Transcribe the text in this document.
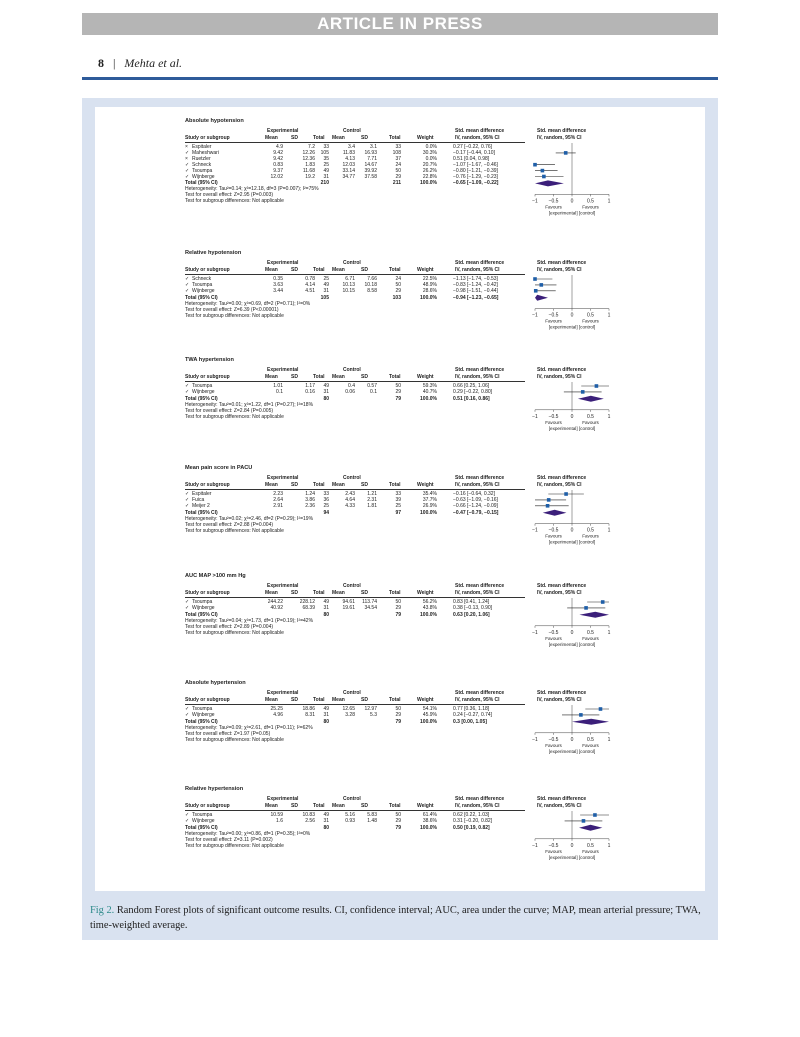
ARTICLE IN PRESS
8 | Mehta et al.
Absolute hypotension
Experimental	Control	Std. mean difference	Std. mean difference
Study or subgroup	Mean	SD	Total Mean	SD	Total	Weight	IV, random, 95% CI	IV, random, 95% CI
× Espitaler	4.9	7.2	33	3.4	3.1	33	0.0%	0.27 [−0.22, 0.76]
✓ Maheshwari	9.42	12.26	105	11.83	16.93	108	30.3%	−0.17 [−0.44, 0.10]
× Ruetzler	9.42	12.36	35	4.13	7.71	37	0.0%	0.51 [0.04, 0.98]
✓ Schneck	0.83	1.83	25	12.03	14.67	24	20.7%	−1.07 [−1.67, −0.46]
✓ Tsoumpa	9.37	11.68	49	33.14	39.92	50	26.2%	−0.80 [−1.21, −0.39]
✓ Wijnberge	12.02	19.2	31	34.77	37.58	29	22.8%	−0.76 [−1.29, −0.23]
Total (95% CI)	210	211	100.0%	−0.65 [−1.09, −0.22]
Heterogeneity: Tau²=0.14; χ²=12.18, df=3 (P=0.007); I²=75%
Test for overall effect: Z=2.95 (P=0.003)
Test for subgroup differences: Not applicable	−1 −0.5 0	0.5	1
Favours	Favours
[experimental] [control]
Relative hypotension
Experimental	Control	Std. mean difference	Std. mean difference
Study or subgroup	Mean	SD	Total Mean	SD	Total	Weight	IV, random, 95% CI	IV, random, 95% CI
✓ Schneck	0.35	0.78	25	6.71	7.66	24	22.5%	−1.13 [−1.74, −0.53]
✓ Tsoumpa	3.63	4.14	49	10.13	10.18	50	48.9%	−0.83 [−1.24, −0.42]
✓ Wijnberge	3.44	4.51	31	10.15	8.58	29	28.6%	−0.98 [−1.51, −0.44]
Total (95% CI)	105	103	100.0%	−0.94 [−1.23, −0.65]
Heterogeneity: Tau²=0.00; χ²=0.69, df=2 (P=0.71); I²=0%
Test for overall effect: Z=6.39 (P<0.00001)
Test for subgroup differences: Not applicable	−1 −0.5 0	0.5	1
Favours	Favours
[experimental] [control]
TWA hypertension
Experimental	Control	Std. mean difference	Std. mean difference
Study or subgroup	Mean	SD	Total Mean	SD	Total	Weight	IV, random, 95% CI	IV, random, 95% CI
✓ Tsoumpa	1.01	1.17	49	0.4	0.57	50	59.3%	0.66 [0.25, 1.06]
✓ Wijnberge	0.1	0.16	31	0.06	0.1	29	40.7%	0.29 [−0.22, 0.80]
Total (95% CI)	80	79	100.0%	0.51 [0.16, 0.86]
Heterogeneity: Tau²=0.01; χ²=1.22, df=1 (P=0.27); I²=18%
Test for overall effect: Z=2.84 (P=0.005)
Test for subgroup differences: Not applicable	−1 −0.5 0	0.5	1
Favours	Favours
[experimental] [control]
Mean pain score in PACU
Experimental	Control	Std. mean difference	Std. mean difference
Study or subgroup	Mean	SD	Total Mean	SD	Total	Weight	IV, random, 95% CI	IV, random, 95% CI
✓ Espitaler	2.23	1.24	33	2.43	1.21	33	35.4%	−0.16 [−0.64, 0.32]
✓ Fuica	2.64	3.86	36	4.64	2.31	39	37.7%	−0.63 [−1.09, −0.16]
✓ Meijer 2	2.91	2.36	25	4.33	1.81	25	26.9%	−0.66 [−1.24, −0.09]
Total (95% CI)	94	97	100.0%	−0.47 [−0.79, −0.15]
Heterogeneity: Tau²=0.02; χ²=2.46, df=2 (P=0.29); I²=19%
Test for overall effect: Z=2.88 (P=0.004)
Test for subgroup differences: Not applicable	−1 −0.5 0	0.5	1
Favours	Favours
[experimental] [control]
AUC MAP >100 mm Hg
Experimental	Control	Std. mean difference	Std. mean difference
Study or subgroup	Mean	SD	Total Mean	SD	Total	Weight	IV, random, 95% CI	IV, random, 95% CI
✓ Tsoumpa	244.22	228.12	49	94.61	113.74	50	56.2%	0.83 [0.41, 1.24]
✓ Wijnberge	40.92	68.39	31	19.61	34.54	29	43.8%	0.38 [−0.13, 0.90]
Total (95% CI)	80	79	100.0%	0.63 [0.20, 1.06]
Heterogeneity: Tau²=0.04; χ²=1.73, df=1 (P=0.19); I²=42%
Test for overall effect: Z=2.89 (P=0.004)
Test for subgroup differences: Not applicable	−1 −0.5 0	0.5	1
Favours	Favours
[experimental] [control]
Absolute hypertension
Experimental	Control	Std. mean difference	Std. mean difference
Study or subgroup	Mean	SD	Total Mean	SD	Total	Weight	IV, random, 95% CI	IV, random, 95% CI
✓ Tsoumpa	25.25	18.86	49	12.65	12.97	50	54.1%	0.77 [0.36, 1.18]
✓ Wijnberge	4.96	8.31	31	3.28	5.3	29	45.9%	0.24 [−0.27, 0.74]
Total (95% CI)	80	79	100.0%	0.3 [0.00, 1.05]
Heterogeneity: Tau²=0.09; χ²=2.61, df=1 (P=0.11); I²=62%
Test for overall effect: Z=1.97 (P=0.05)
Test for subgroup differences: Not applicable	−1 −0.5 0	0.5	1
Favours	Favours
[experimental] [control]
Relative hypertension
Experimental	Control	Std. mean difference	Std. mean difference
Study or subgroup	Mean	SD	Total Mean	SD	Total	Weight	IV, random, 95% CI	IV, random, 95% CI
✓ Tsoumpa	10.59	10.83	49	5.16	5.83	50	61.4%	0.62 [0.22, 1.03]
✓ Wijnberge	1.6	2.56	31	0.93	1.48	29	38.6%	0.31 [−0.20, 0.82]
Total (95% CI)	80	79	100.0%	0.50 [0.19, 0.82]
Heterogeneity: Tau²=0.00; χ²=0.86, df=1 (P=0.35); I²=0%
Test for overall effect: Z=3.11 (P=0.002)
Test for subgroup differences: Not applicable	−1 −0.5 0	0.5	1
Favours	Favours
[experimental] [control]
Fig 2. Random Forest plots of significant outcome results. CI, confidence interval; AUC, area under the curve; MAP, mean arterial pressure; TWA, time-weighted average.
